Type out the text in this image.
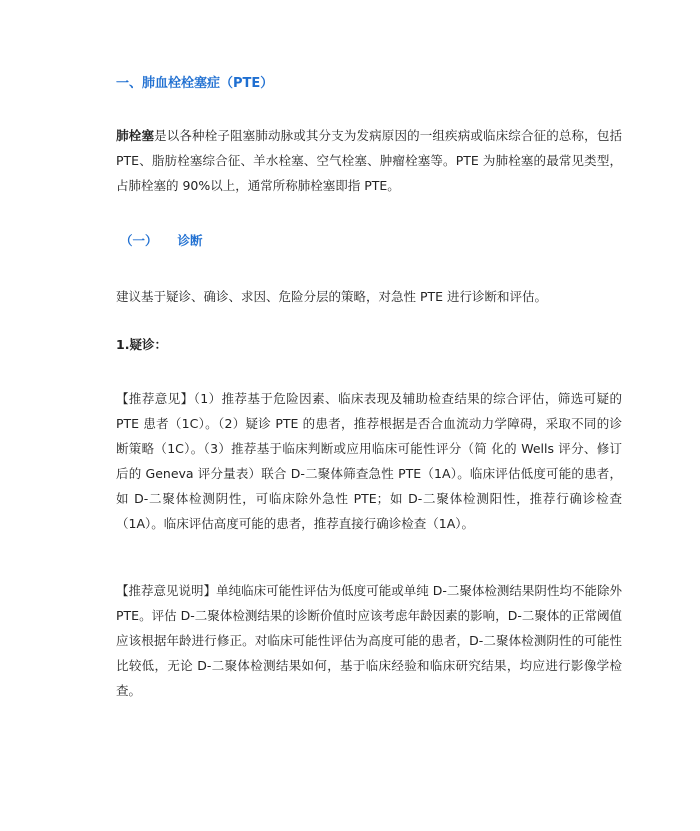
一、肺血栓栓塞症（PTE）
肺栓塞是以各种栓子阻塞肺动脉或其分支为发病原因的一组疾病或临床综合征的总称，包括 PTE、脂肪栓塞综合征、羊水栓塞、空气栓塞、肿瘤栓塞等。PTE 为肺栓塞的最常见类型，占肺栓塞的 90%以上，通常所称肺栓塞即指 PTE。
（一） 诊断
建议基于疑诊、确诊、求因、危险分层的策略，对急性 PTE 进行诊断和评估。
1.疑诊：
【推荐意见】（1）推荐基于危险因素、临床表现及辅助检查结果的综合评估，筛选可疑的 PTE 患者（1C）。（2）疑诊 PTE 的患者，推荐根据是否合血流动力学障碍，采取不同的诊断策略（1C）。（3）推荐基于临床判断或应用临床可能性评分（简 化的 Wells 评分、修订后的 Geneva 评分量表）联合 D-二聚体筛查急性 PTE（1A）。临床评估低度可能的患者，如 D-二聚体检测阴性，可临床除外急性 PTE；如 D-二聚体检测阳性，推荐行确诊检查（1A）。临床评估高度可能的患者，推荐直接行确诊检查（1A）。
【推荐意见说明】单纯临床可能性评估为低度可能或单纯 D-二聚体检测结果阴性均不能除外 PTE。评估 D-二聚体检测结果的诊断价值时应该考虑年龄因素的影响，D-二聚体的正常阈值应该根据年龄进行修正。对临床可能性评估为高度可能的患者，D-二聚体检测阴性的可能性比较低，无论 D-二聚体检测结果如何，基于临床经验和临床研究结果，均应进行影像学检查。
